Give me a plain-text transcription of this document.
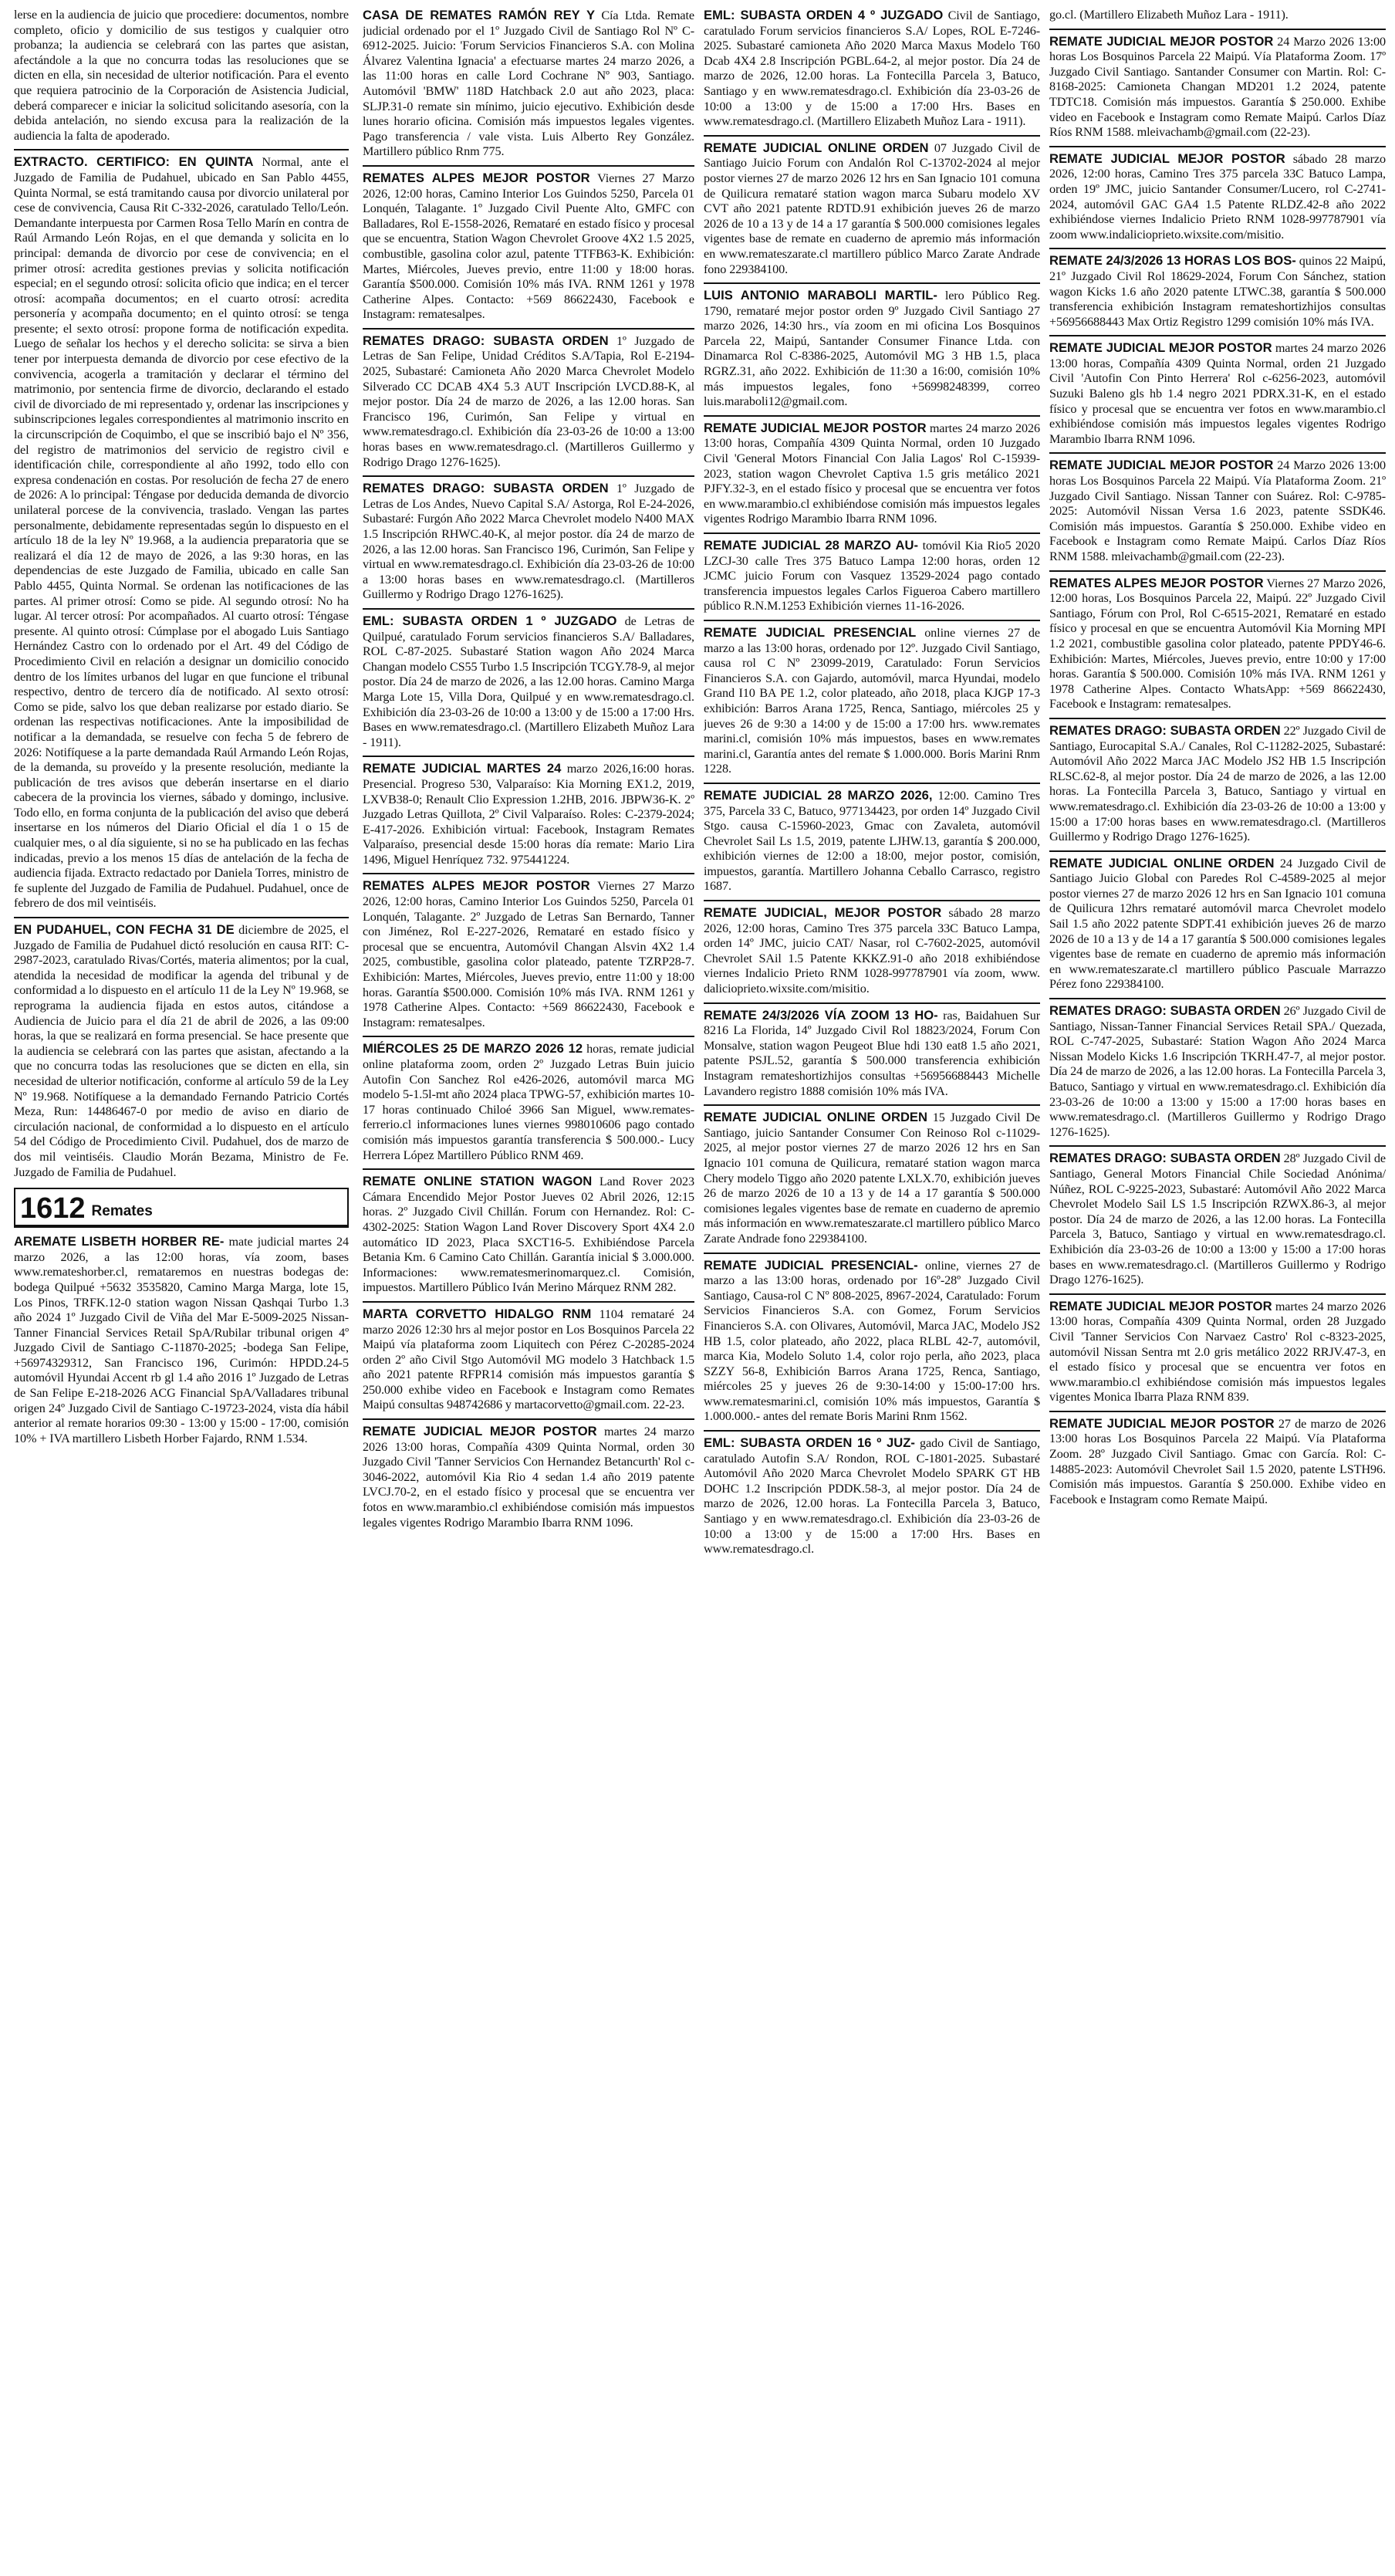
lerse en la audiencia de juicio que procediere: documentos, nombre completo, oficio y domicilio de sus testigos y cualquier otro probanza; la audiencia se celebrará con las partes que asistan, afectándole a la que no concurra todas las resoluciones que se dicten en ella, sin necesidad de ulterior notificación. Para el evento que requiera patrocinio de la Corporación de Asistencia Judicial, deberá comparecer e iniciar la solicitud solicitando asesoría, con la debida antelación, no siendo excusa para la realización de la audiencia la falta de apoderado.

EXTRACTO. CERTIFICO: EN QUINTA Normal, ante el Juzgado de Familia de Pudahuel, ubicado en San Pablo 4455, Quinta Normal, se está tramitando causa por divorcio unilateral por cese de convivencia, Causa Rit C-332-2026, caratulado Tello/León. Demandante interpuesta por Carmen Rosa Tello Marín en contra de Raúl Armando León Rojas, en el que demanda y solicita en lo principal: demanda de divorcio por cese de convivencia; en el primer otrosí: acredita gestiones previas y solicita notificación especial; en el segundo otrosí: solicita oficio que indica; en el tercer otrosí: acompaña documentos; en el cuarto otrosí: acredita personería y acompaña documento; en el quinto otrosí: se tenga presente; el sexto otrosí: propone forma de notificación expedita. Luego de señalar los hechos y el derecho solicita: se sirva a bien tener por interpuesta demanda de divorcio por cese efectivo de la convivencia, acogerla a tramitación y declarar el término del matrimonio, por sentencia firme de divorcio, declarando el estado civil de divorciado de mi representado y, ordenar las inscripciones y subinscripciones legales correspondientes al matrimonio inscrito en la circunscripción de Coquimbo, el que se inscribió bajo el Nº 356, del registro de matrimonios del servicio de registro civil e identificación chile, correspondiente al año 1992, todo ello con expresa condenación en costas. Por resolución de fecha 27 de enero de 2026: A lo principal: Téngase por deducida demanda de divorcio unilateral porcese de la convivencia, traslado. Vengan las partes personalmente, debidamente representadas según lo dispuesto en el artículo 18 de la ley Nº 19.968, a la audiencia preparatoria que se realizará el día 12 de mayo de 2026, a las 9:30 horas, en las dependencias de este Juzgado de Familia, ubicado en calle San Pablo 4455, Quinta Normal. Se ordenan las notificaciones de las partes. Al primer otrosí: Como se pide. Al segundo otrosí: No ha lugar. Al tercer otrosí: Por acompañados. Al cuarto otrosí: Téngase presente. Al quinto otrosí: Cúmplase por el abogado Luis Santiago Hernández Castro con lo ordenado por el Art. 49 del Código de Procedimiento Civil en relación a designar un domicilio conocido dentro de los límites urbanos del lugar en que funcione el tribunal respectivo, dentro de tercero día de notificado. Al sexto otrosí: Como se pide, salvo los que deban realizarse por estado diario. Se ordenan las respectivas notificaciones. Ante la imposibilidad de notificar a la demandada, se resuelve con fecha 5 de febrero de 2026: Notifíquese a la parte demandada Raúl Armando León Rojas, de la demanda, su proveído y la presente resolución, mediante la publicación de tres avisos que deberán insertarse en el diario cabecera de la provincia los viernes, sábado y domingo, inclusive. Todo ello, en forma conjunta de la publicación del aviso que deberá insertarse en los números del Diario Oficial el día 1 o 15 de cualquier mes, o al día siguiente, si no se ha publicado en las fechas indicadas, previo a los menos 15 días de antelación de la fecha de audiencia fijada. Extracto redactado por Daniela Torres, ministro de fe suplente del Juzgado de Familia de Pudahuel. Pudahuel, once de febrero de dos mil veintiséis.

EN PUDAHUEL, CON FECHA 31 DE diciembre de 2025, el Juzgado de Familia de Pudahuel dictó resolución en causa RIT: C-2987-2023, caratulado Rivas/Cortés, materia alimentos; por la cual, atendida la necesidad de modificar la agenda del tribunal y de conformidad a lo dispuesto en el artículo 11 de la Ley Nº 19.968, se reprograma la audiencia fijada en estos autos, citándose a Audiencia de Juicio para el día 21 de abril de 2026, a las 09:00 horas, la que se realizará en forma presencial. Se hace presente que la audiencia se celebrará con las partes que asistan, afectando a la que no concurra todas las resoluciones que se dicten en ella, sin necesidad de ulterior notificación, conforme al artículo 59 de la Ley Nº 19.968. Notifíquese a la demandado Fernando Patricio Cortés Meza, Run: 14486467-0 por medio de aviso en diario de circulación nacional, de conformidad a lo dispuesto en el artículo 54 del Código de Procedimiento Civil. Pudahuel, dos de marzo de dos mil veintiséis. Claudio Morán Bezama, Ministro de Fe. Juzgado de Familia de Pudahuel.

1612 Remates

AREMATE LISBETH HORBER RE- mate judicial martes 24 marzo 2026, a las 12:00 horas, vía zoom, bases www.remateshorber.cl, remataremos en nuestras bodegas de: bodega Quilpué +5632 3535820, Camino Marga Marga, lote 15, Los Pinos, TRFK.12-0 station wagon Nissan Qashqai Turbo 1.3 año 2024 1º Juzgado Civil de Viña del Mar E-5009-2025 Nissan-Tanner Financial Services Retail SpA/Rubilar tribunal origen 4º Juzgado Civil de Santiago C-11870-2025; -bodega San Felipe, +56974329312, San Francisco 196, Curimón: HPDD.24-5 automóvil Hyundai Accent rb gl 1.4 año 2016 1º Juzgado de Letras de San Felipe E-218-2026 ACG Financial SpA/Valladares tribunal origen 24º Juzgado Civil de Santiago C-19723-2024, vista día hábil anterior al remate horarios 09:30 - 13:00 y 15:00 - 17:00, comisión 10% + IVA martillero Lisbeth Horber Fajardo, RNM 1.534.

CASA DE REMATES RAMÓN REY Y Cía Ltda. Remate judicial ordenado por el 1º Juzgado Civil de Santiago Rol Nº C-6912-2025. Juicio: 'Forum Servicios Financieros S.A. con Molina Álvarez Valentina Ignacia' a efectuarse martes 24 marzo 2026, a las 11:00 horas en calle Lord Cochrane Nº 903, Santiago. Automóvil 'BMW' 118D Hatchback 2.0 aut año 2023, placa: SLJP.31-0 remate sin mínimo, juicio ejecutivo. Exhibición desde lunes horario oficina. Comisión más impuestos legales vigentes. Pago transferencia / vale vista. Luis Alberto Rey González. Martillero público Rnm 775.

REMATES ALPES MEJOR POSTOR Viernes 27 Marzo 2026, 12:00 horas, Camino Interior Los Guindos 5250, Parcela 01 Lonquén, Talagante. 1º Juzgado Civil Puente Alto, GMFC con Balladares, Rol E-1558-2026, Remataré en estado físico y procesal que se encuentra, Station Wagon Chevrolet Groove 4X2 1.5 2025, combustible, gasolina color azul, patente TTFB63-K. Exhibición: Martes, Miércoles, Jueves previo, entre 11:00 y 18:00 horas. Garantía $500.000. Comisión 10% más IVA. RNM 1261 y 1978 Catherine Alpes. Contacto: +569 86622430, Facebook e Instagram: rematesalpes.

REMATES DRAGO: SUBASTA ORDEN 1º Juzgado de Letras de San Felipe, Unidad Créditos S.A/Tapia, Rol E-2194-2025, Subastaré: Camioneta Año 2020 Marca Chevrolet Modelo Silverado CC DCAB 4X4 5.3 AUT Inscripción LVCD.88-K, al mejor postor. Día 24 de marzo de 2026, a las 12.00 horas. San Francisco 196, Curimón, San Felipe y virtual en www.rematesdrago.cl. Exhibición día 23-03-26 de 10:00 a 13:00 horas bases en www.rematesdrago.cl. (Martilleros Guillermo y Rodrigo Drago 1276-1625).

REMATES DRAGO: SUBASTA ORDEN 1º Juzgado de Letras de Los Andes, Nuevo Capital S.A/ Astorga, Rol E-24-2026, Subastaré: Furgón Año 2022 Marca Chevrolet modelo N400 MAX 1.5 Inscripción RHWC.40-K, al mejor postor. día 24 de marzo de 2026, a las 12.00 horas. San Francisco 196, Curimón, San Felipe y virtual en www.rematesdrago.cl. Exhibición día 23-03-26 de 10:00 a 13:00 horas bases en www.rematesdrago.cl. (Martilleros Guillermo y Rodrigo Drago 1276-1625).

EML: SUBASTA ORDEN 1 º JUZGADO de Letras de Quilpué, caratulado Forum servicios financieros S.A/ Balladares, ROL C-87-2025. Subastaré Station wagon Año 2024 Marca Changan modelo CS55 Turbo 1.5 Inscripción TCGY.78-9, al mejor postor. Día 24 de marzo de 2026, a las 12.00 horas. Camino Marga Marga Lote 15, Villa Dora, Quilpué y en www.rematesdrago.cl. Exhibición día 23-03-26 de 10:00 a 13:00 y de 15:00 a 17:00 Hrs. Bases en www.rematesdrago.cl. (Martillero Elizabeth Muñoz Lara - 1911).

REMATE JUDICIAL MARTES 24 marzo 2026,16:00 horas. Presencial. Progreso 530, Valparaíso: Kia Morning EX1.2, 2019, LXVB38-0; Renault Clio Expression 1.2HB, 2016. JBPW36-K. 2º Juzgado Letras Quillota, 2º Civil Valparaíso. Roles: C-2379-2024; E-417-2026. Exhibición virtual: Facebook, Instagram Remates Valparaíso, presencial desde 15:00 horas día remate: Mario Lira 1496, Miguel Henríquez 732. 975441224.

REMATES ALPES MEJOR POSTOR Viernes 27 Marzo 2026, 12:00 horas, Camino Interior Los Guindos 5250, Parcela 01 Lonquén, Talagante. 2º Juzgado de Letras San Bernardo, Tanner con Jiménez, Rol E-227-2026, Remataré en estado físico y procesal que se encuentra, Automóvil Changan Alsvin 4X2 1.4 2025, combustible, gasolina color plateado, patente TZRP28-7. Exhibición: Martes, Miércoles, Jueves previo, entre 11:00 y 18:00 horas. Garantía $500.000. Comisión 10% más IVA. RNM 1261 y 1978 Catherine Alpes. Contacto: +569 86622430, Facebook e Instagram: rematesalpes.

MIÉRCOLES 25 DE MARZO 2026 12 horas, remate judicial online plataforma zoom, orden 2º Juzgado Letras Buin juicio Autofin Con Sanchez Rol e426-2026, automóvil marca MG modelo 5-1.5l-mt año 2024 placa TPWG-57, exhibición martes 10-17 horas continuado Chiloé 3966 San Miguel, www.remates-ferrerio.cl informaciones lunes viernes 998010606 pago contado comisión más impuestos garantía transferencia $ 500.000.- Lucy Herrera López Martillero Público RNM 469.

REMATE ONLINE STATION WAGON Land Rover 2023 Cámara Encendido Mejor Postor Jueves 02 Abril 2026, 12:15 horas. 2º Juzgado Civil Chillán. Forum con Hernandez. Rol: C-4302-2025: Station Wagon Land Rover Discovery Sport 4X4 2.0 automático ID 2023, Placa SXCT16-5. Exhibiéndose Parcela Betania Km. 6 Camino Cato Chillán. Garantía inicial $ 3.000.000. Informaciones: www.rematesmerinomarquez.cl. Comisión, impuestos. Martillero Público Iván Merino Márquez RNM 282.

MARTA CORVETTO HIDALGO RNM 1104 remataré 24 marzo 2026 12:30 hrs al mejor postor en Los Bosquinos Parcela 22 Maipú vía plataforma zoom Liquitech con Pérez C-20285-2024 orden 2º año Civil Stgo Automóvil MG modelo 3 Hatchback 1.5 año 2021 patente RFPR14 comisión más impuestos garantía $ 250.000 exhibe video en Facebook e Instagram como Remates Maipú consultas 948742686 y martacorvetto@gmail.com. 22-23.

REMATE JUDICIAL MEJOR POSTOR martes 24 marzo 2026 13:00 horas, Compañía 4309 Quinta Normal, orden 30 Juzgado Civil 'Tanner Servicios Con Hernandez Betancurth' Rol c-3046-2022, automóvil Kia Rio 4 sedan 1.4 año 2019 patente LVCJ.70-2, en el estado físico y procesal que se encuentra ver fotos en www.marambio.cl exhibiéndose comisión más impuestos legales vigentes Rodrigo Marambio Ibarra RNM 1096.

EML: SUBASTA ORDEN 4 º JUZGADO Civil de Santiago, caratulado Forum servicios financieros S.A/ Lopes, ROL E-7246-2025. Subastaré camioneta Año 2020 Marca Maxus Modelo T60 Dcab 4X4 2.8 Inscripción PGBL.64-2, al mejor postor. Día 24 de marzo de 2026, 12.00 horas. La Fontecilla Parcela 3, Batuco, Santiago y en www.rematesdrago.cl. Exhibición día 23-03-26 de 10:00 a 13:00 y de 15:00 a 17:00 Hrs. Bases en www.rematesdrago.cl. (Martillero Elizabeth Muñoz Lara - 1911).

REMATE JUDICIAL ONLINE ORDEN 07 Juzgado Civil de Santiago Juicio Forum con Andalón Rol C-13702-2024 al mejor postor viernes 27 de marzo 2026 12 hrs en San Ignacio 101 comuna de Quilicura remataré station wagon marca Subaru modelo XV CVT año 2021 patente RDTD.91 exhibición jueves 26 de marzo 2026 de 10 a 13 y de 14 a 17 garantía $ 500.000 comisiones legales vigentes base de remate en cuaderno de apremio más información en www.remateszarate.cl martillero público Marco Zarate Andrade fono 229384100.

LUIS ANTONIO MARABOLI MARTIL- lero Público Reg. 1790, remataré mejor postor orden 9º Juzgado Civil Santiago 27 marzo 2026, 14:30 hrs., vía zoom en mi oficina Los Bosquinos Parcela 22, Maipú, Santander Consumer Finance Ltda. con Dinamarca Rol C-8386-2025, Automóvil MG 3 HB 1.5, placa RGRZ.31, año 2022. Exhibición de 11:30 a 16:00, comisión 10% más impuestos legales, fono +56998248399, correo luis.maraboli12@gmail.com.

REMATE JUDICIAL MEJOR POSTOR martes 24 marzo 2026 13:00 horas, Compañía 4309 Quinta Normal, orden 10 Juzgado Civil 'General Motors Financial Con Jalia Lagos' Rol C-15939-2023, station wagon Chevrolet Captiva 1.5 gris metálico 2021 PJFY.32-3, en el estado físico y procesal que se encuentra ver fotos en www.marambio.cl exhibiéndose comisión más impuestos legales vigentes Rodrigo Marambio Ibarra RNM 1096.

REMATE JUDICIAL 28 MARZO AU- tomóvil Kia Rio5 2020 LZCJ-30 calle Tres 375 Batuco Lampa 12:00 horas, orden 12 JCMC juicio Forum con Vasquez 13529-2024 pago contado transferencia impuestos legales Carlos Figueroa Cabero martillero público R.N.M.1253 Exhibición viernes 11-16-2026.

REMATE JUDICIAL PRESENCIAL online viernes 27 de marzo a las 13:00 horas, ordenado por 12º. Juzgado Civil Santiago, causa rol C Nº 23099-2019, Caratulado: Forun Servicios Financieros S.A. con Gajardo, automóvil, marca Hyundai, modelo Grand I10 BA PE 1.2, color plateado, año 2018, placa KJGP 17-3 exhibición: Barros Arana 1725, Renca, Santiago, miércoles 25 y jueves 26 de 9:30 a 14:00 y de 15:00 a 17:00 hrs. www.remates marini.cl, comisión 10% más impuestos, bases en www.remates marini.cl, Garantía antes del remate $ 1.000.000. Boris Marini Rnm 1228.

REMATE JUDICIAL 28 MARZO 2026, 12:00. Camino Tres 375, Parcela 33 C, Batuco, 977134423, por orden 14º Juzgado Civil Stgo. causa C-15960-2023, Gmac con Zavaleta, automóvil Chevrolet Sail Ls 1.5, 2019, patente LJHW.13, garantía $ 200.000, exhibición viernes de 12:00 a 18:00, mejor postor, comisión, impuestos, garantía. Martillero Johanna Ceballo Carrasco, registro 1687.

REMATE JUDICIAL, MEJOR POSTOR sábado 28 marzo 2026, 12:00 horas, Camino Tres 375 parcela 33C Batuco Lampa, orden 14º JMC, juicio CAT/ Nasar, rol C-7602-2025, automóvil Chevrolet SAil 1.5 Patente KKKZ.91-0 año 2018 exhibiéndose viernes Indalicio Prieto RNM 1028-997787901 vía zoom, www. dalicioprieto.wixsite.com/misitio.

REMATE 24/3/2026 VÍA ZOOM 13 HO- ras, Baidahuen Sur 8216 La Florida, 14º Juzgado Civil Rol 18823/2024, Forum Con Monsalve, station wagon Peugeot Blue hdi 130 eat8 1.5 año 2021, patente PSJL.52, garantía $ 500.000 transferencia exhibición Instagram remateshortizhijos consultas +56956688443 Michelle Lavandero registro 1888 comisión 10% más IVA.

REMATE JUDICIAL ONLINE ORDEN 15 Juzgado Civil De Santiago, juicio Santander Consumer Con Reinoso Rol c-11029-2025, al mejor postor viernes 27 de marzo 2026 12 hrs en San Ignacio 101 comuna de Quilicura, remataré station wagon marca Chery modelo Tiggo año 2020 patente LXLX.70, exhibición jueves 26 de marzo 2026 de 10 a 13 y de 14 a 17 garantía $ 500.000 comisiones legales vigentes base de remate en cuaderno de apremio más información en www.remateszarate.cl martillero público Marco Zarate Andrade fono 229384100.

REMATE JUDICIAL PRESENCIAL- online, viernes 27 de marzo a las 13:00 horas, ordenado por 16º-28º Juzgado Civil Santiago, Causa-rol C Nº 808-2025, 8967-2024, Caratulado: Forum Servicios Financieros S.A. con Gomez, Forum Servicios Financieros S.A. con Olivares, Automóvil, Marca JAC, Modelo JS2 HB 1.5, color plateado, año 2022, placa RLBL 42-7, automóvil, marca Kia, Modelo Soluto 1.4, color rojo perla, año 2023, placa SZZY 56-8, Exhibición Barros Arana 1725, Renca, Santiago, miércoles 25 y jueves 26 de 9:30-14:00 y 15:00-17:00 hrs. www.rematesmarini.cl, comisión 10% más impuestos, Garantía $ 1.000.000.- antes del remate Boris Marini Rnm 1562.

EML: SUBASTA ORDEN 16 º JUZ- gado Civil de Santiago, caratulado Autofin S.A/ Rondon, ROL C-1801-2025. Subastaré Automóvil Año 2020 Marca Chevrolet Modelo SPARK GT HB DOHC 1.2 Inscripción PDDK.58-3, al mejor postor. Día 24 de marzo de 2026, 12.00 horas. La Fontecilla Parcela 3, Batuco, Santiago y en www.rematesdrago.cl. Exhibición día 23-03-26 de 10:00 a 13:00 y de 15:00 a 17:00 Hrs. Bases en www.rematesdrago.cl.

go.cl. (Martillero Elizabeth Muñoz Lara - 1911).

REMATE JUDICIAL MEJOR POSTOR 24 Marzo 2026 13:00 horas Los Bosquinos Parcela 22 Maipú. Vía Plataforma Zoom. 17º Juzgado Civil Santiago. Santander Consumer con Martin. Rol: C-8168-2025: Camioneta Changan MD201 1.2 2024, patente TDTC18. Comisión más impuestos. Garantía $ 250.000. Exhibe video en Facebook e Instagram como Remate Maipú. Carlos Díaz Ríos RNM 1588. mleivachamb@gmail.com (22-23).

REMATE JUDICIAL MEJOR POSTOR sábado 28 marzo 2026, 12:00 horas, Camino Tres 375 parcela 33C Batuco Lampa, orden 19º JMC, juicio Santander Consumer/Lucero, rol C-2741-2024, automóvil GAC GA4 1.5 Patente RLDZ.42-8 año 2022 exhibiéndose viernes Indalicio Prieto RNM 1028-997787901 vía zoom www.indalicioprieto.wixsite.com/misitio.

REMATE 24/3/2026 13 HORAS LOS BOS- quinos 22 Maipú, 21º Juzgado Civil Rol 18629-2024, Forum Con Sánchez, station wagon Kicks 1.6 año 2020 patente LTWC.38, garantía $ 500.000 transferencia exhibición Instagram remateshortizhijos consultas +56956688443 Max Ortiz Registro 1299 comisión 10% más IVA.

REMATE JUDICIAL MEJOR POSTOR martes 24 marzo 2026 13:00 horas, Compañía 4309 Quinta Normal, orden 21 Juzgado Civil 'Autofin Con Pinto Herrera' Rol c-6256-2023, automóvil Suzuki Baleno gls hb 1.4 negro 2021 PDRX.31-K, en el estado físico y procesal que se encuentra ver fotos en www.marambio.cl exhibiéndose comisión más impuestos legales vigentes Rodrigo Marambio Ibarra RNM 1096.

REMATE JUDICIAL MEJOR POSTOR 24 Marzo 2026 13:00 horas Los Bosquinos Parcela 22 Maipú. Vía Plataforma Zoom. 21º Juzgado Civil Santiago. Nissan Tanner con Suárez. Rol: C-9785-2025: Automóvil Nissan Versa 1.6 2023, patente SSDK46. Comisión más impuestos. Garantía $ 250.000. Exhibe video en Facebook e Instagram como Remate Maipú. Carlos Díaz Ríos RNM 1588. mleivachamb@gmail.com (22-23).

REMATES ALPES MEJOR POSTOR Viernes 27 Marzo 2026, 12:00 horas, Los Bosquinos Parcela 22, Maipú. 22º Juzgado Civil Santiago, Fórum con Prol, Rol C-6515-2021, Remataré en estado físico y procesal en que se encuentra Automóvil Kia Morning MPI 1.2 2021, combustible gasolina color plateado, patente PPDY46-6. Exhibición: Martes, Miércoles, Jueves previo, entre 10:00 y 17:00 horas. Garantía $ 500.000. Comisión 10% más IVA. RNM 1261 y 1978 Catherine Alpes. Contacto WhatsApp: +569 86622430, Facebook e Instagram: rematesalpes.

REMATES DRAGO: SUBASTA ORDEN 22º Juzgado Civil de Santiago, Eurocapital S.A./ Canales, Rol C-11282-2025, Subastaré: Automóvil Año 2022 Marca JAC Modelo JS2 HB 1.5 Inscripción RLSC.62-8, al mejor postor. Día 24 de marzo de 2026, a las 12.00 horas. La Fontecilla Parcela 3, Batuco, Santiago y virtual en www.rematesdrago.cl. Exhibición día 23-03-26 de 10:00 a 13:00 y 15:00 a 17:00 horas bases en www.rematesdrago.cl. (Martilleros Guillermo y Rodrigo Drago 1276-1625).

REMATE JUDICIAL ONLINE ORDEN 24 Juzgado Civil de Santiago Juicio Global con Paredes Rol C-4589-2025 al mejor postor viernes 27 de marzo 2026 12 hrs en San Ignacio 101 comuna de Quilicura 12hrs remataré automóvil marca Chevrolet modelo Sail 1.5 año 2022 patente SDPT.41 exhibición jueves 26 de marzo 2026 de 10 a 13 y de 14 a 17 garantía $ 500.000 comisiones legales vigentes base de remate en cuaderno de apremio más información en www.remateszarate.cl martillero público Pascuale Marrazzo Pérez fono 229384100.

REMATES DRAGO: SUBASTA ORDEN 26º Juzgado Civil de Santiago, Nissan-Tanner Financial Services Retail SPA./ Quezada, ROL C-747-2025, Subastaré: Station Wagon Año 2024 Marca Nissan Modelo Kicks 1.6 Inscripción TKRH.47-7, al mejor postor. Día 24 de marzo de 2026, a las 12.00 horas. La Fontecilla Parcela 3, Batuco, Santiago y virtual en www.rematesdrago.cl. Exhibición día 23-03-26 de 10:00 a 13:00 y 15:00 a 17:00 horas bases en www.rematesdrago.cl. (Martilleros Guillermo y Rodrigo Drago 1276-1625).

REMATES DRAGO: SUBASTA ORDEN 28º Juzgado Civil de Santiago, General Motors Financial Chile Sociedad Anónima/ Núñez, ROL C-9225-2023, Subastaré: Automóvil Año 2022 Marca Chevrolet Modelo Sail LS 1.5 Inscripción RZWX.86-3, al mejor postor. Día 24 de marzo de 2026, a las 12.00 horas. La Fontecilla Parcela 3, Batuco, Santiago y virtual en www.rematesdrago.cl. Exhibición día 23-03-26 de 10:00 a 13:00 y 15:00 a 17:00 horas bases en www.rematesdrago.cl. (Martilleros Guillermo y Rodrigo Drago 1276-1625).

REMATE JUDICIAL MEJOR POSTOR martes 24 marzo 2026 13:00 horas, Compañía 4309 Quinta Normal, orden 28 Juzgado Civil 'Tanner Servicios Con Narvaez Castro' Rol c-8323-2025, automóvil Nissan Sentra mt 2.0 gris metálico 2022 RRJV.47-3, en el estado físico y procesal que se encuentra ver fotos en www.marambio.cl exhibiéndose comisión más impuestos legales vigentes Monica Ibarra Plaza RNM 839.

REMATE JUDICIAL MEJOR POSTOR 27 de marzo de 2026 13:00 horas Los Bosquinos Parcela 22 Maipú. Vía Plataforma Zoom. 28º Juzgado Civil Santiago. Gmac con García. Rol: C-14885-2023: Automóvil Chevrolet Sail 1.5 2020, patente LSTH96. Comisión más impuestos. Garantía $ 250.000. Exhibe video en Facebook e Instagram como Remate Maipú.
